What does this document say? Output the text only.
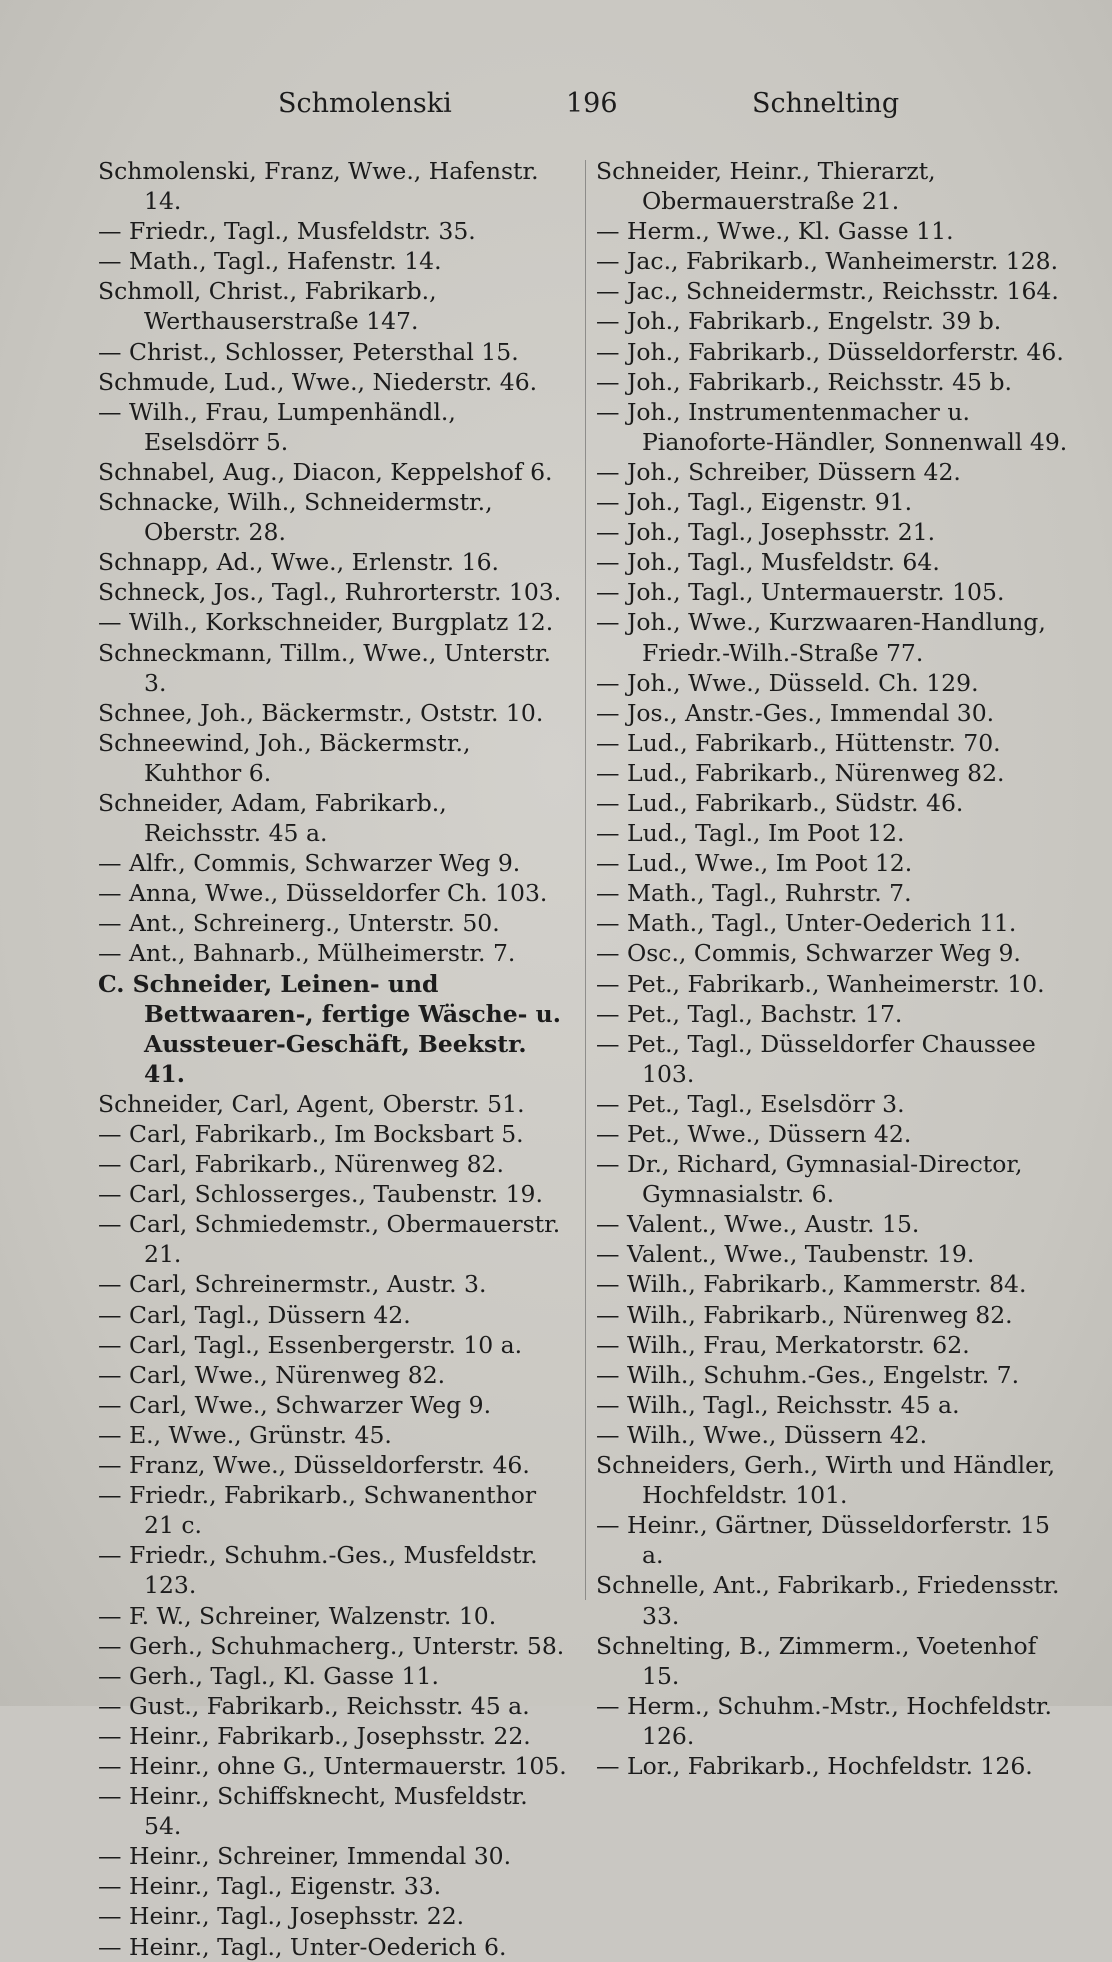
Schmolenski	196	Schnelting
Schmolenski, Franz, Wwe., Hafenstr. 14.
— Friedr., Tagl., Musfeldstr. 35.
— Math., Tagl., Hafenstr. 14.
Schmoll, Christ., Fabrikarb., Werthauserstraße 147.
— Christ., Schlosser, Petersthal 15.
Schmude, Lud., Wwe., Niederstr. 46.
— Wilh., Frau, Lumpenhändl., Eselsdörr 5.
Schnabel, Aug., Diacon, Keppelshof 6.
Schnacke, Wilh., Schneidermstr., Oberstr. 28.
Schnapp, Ad., Wwe., Erlenstr. 16.
Schneck, Jos., Tagl., Ruhrorterstr. 103.
— Wilh., Korkschneider, Burgplatz 12.
Schneckmann, Tillm., Wwe., Unterstr. 3.
Schnee, Joh., Bäckermstr., Oststr. 10.
Schneewind, Joh., Bäckermstr., Kuhthor 6.
Schneider, Adam, Fabrikarb., Reichsstr. 45 a.
— Alfr., Commis, Schwarzer Weg 9.
— Anna, Wwe., Düsseldorfer Ch. 103.
— Ant., Schreinerg., Unterstr. 50.
— Ant., Bahnarb., Mülheimerstr. 7.
C. Schneider, Leinen- und Bettwaaren-, fertige Wäsche- u. Aussteuer-Geschäft, Beekstr. 41.
Schneider, Carl, Agent, Oberstr. 51.
— Carl, Fabrikarb., Im Bocksbart 5.
— Carl, Fabrikarb., Nürenweg 82.
— Carl, Schlosserges., Taubenstr. 19.
— Carl, Schmiedemstr., Obermauerstr. 21.
— Carl, Schreinermstr., Austr. 3.
— Carl, Tagl., Düssern 42.
— Carl, Tagl., Essenbergerstr. 10 a.
— Carl, Wwe., Nürenweg 82.
— Carl, Wwe., Schwarzer Weg 9.
— E., Wwe., Grünstr. 45.
— Franz, Wwe., Düsseldorferstr. 46.
— Friedr., Fabrikarb., Schwanenthor 21 c.
— Friedr., Schuhm.-Ges., Musfeldstr. 123.
— F. W., Schreiner, Walzenstr. 10.
— Gerh., Schuhmacherg., Unterstr. 58.
— Gerh., Tagl., Kl. Gasse 11.
— Gust., Fabrikarb., Reichsstr. 45 a.
— Heinr., Fabrikarb., Josephsstr. 22.
— Heinr., ohne G., Untermauerstr. 105.
— Heinr., Schiffsknecht, Musfeldstr. 54.
— Heinr., Schreiner, Immendal 30.
— Heinr., Tagl., Eigenstr. 33.
— Heinr., Tagl., Josephsstr. 22.
— Heinr., Tagl., Unter-Oederich 6.
Schneider, Heinr., Thierarzt, Obermauerstraße 21.
— Herm., Wwe., Kl. Gasse 11.
— Jac., Fabrikarb., Wanheimerstr. 128.
— Jac., Schneidermstr., Reichsstr. 164.
— Joh., Fabrikarb., Engelstr. 39 b.
— Joh., Fabrikarb., Düsseldorferstr. 46.
— Joh., Fabrikarb., Reichsstr. 45 b.
— Joh., Instrumentenmacher u. Pianoforte-Händler, Sonnenwall 49.
— Joh., Schreiber, Düssern 42.
— Joh., Tagl., Eigenstr. 91.
— Joh., Tagl., Josephsstr. 21.
— Joh., Tagl., Musfeldstr. 64.
— Joh., Tagl., Untermauerstr. 105.
— Joh., Wwe., Kurzwaaren-Handlung, Friedr.-Wilh.-Straße 77.
— Joh., Wwe., Düsseld. Ch. 129.
— Jos., Anstr.-Ges., Immendal 30.
— Lud., Fabrikarb., Hüttenstr. 70.
— Lud., Fabrikarb., Nürenweg 82.
— Lud., Fabrikarb., Südstr. 46.
— Lud., Tagl., Im Poot 12.
— Lud., Wwe., Im Poot 12.
— Math., Tagl., Ruhrstr. 7.
— Math., Tagl., Unter-Oederich 11.
— Osc., Commis, Schwarzer Weg 9.
— Pet., Fabrikarb., Wanheimerstr. 10.
— Pet., Tagl., Bachstr. 17.
— Pet., Tagl., Düsseldorfer Chaussee 103.
— Pet., Tagl., Eselsdörr 3.
— Pet., Wwe., Düssern 42.
— Dr., Richard, Gymnasial-Director, Gymnasialstr. 6.
— Valent., Wwe., Austr. 15.
— Valent., Wwe., Taubenstr. 19.
— Wilh., Fabrikarb., Kammerstr. 84.
— Wilh., Fabrikarb., Nürenweg 82.
— Wilh., Frau, Merkatorstr. 62.
— Wilh., Schuhm.-Ges., Engelstr. 7.
— Wilh., Tagl., Reichsstr. 45 a.
— Wilh., Wwe., Düssern 42.
Schneiders, Gerh., Wirth und Händler, Hochfeldstr. 101.
— Heinr., Gärtner, Düsseldorferstr. 15 a.
Schnelle, Ant., Fabrikarb., Friedensstr. 33.
Schnelting, B., Zimmerm., Voetenhof 15.
— Herm., Schuhm.-Mstr., Hochfeldstr. 126.
— Lor., Fabrikarb., Hochfeldstr. 126.
